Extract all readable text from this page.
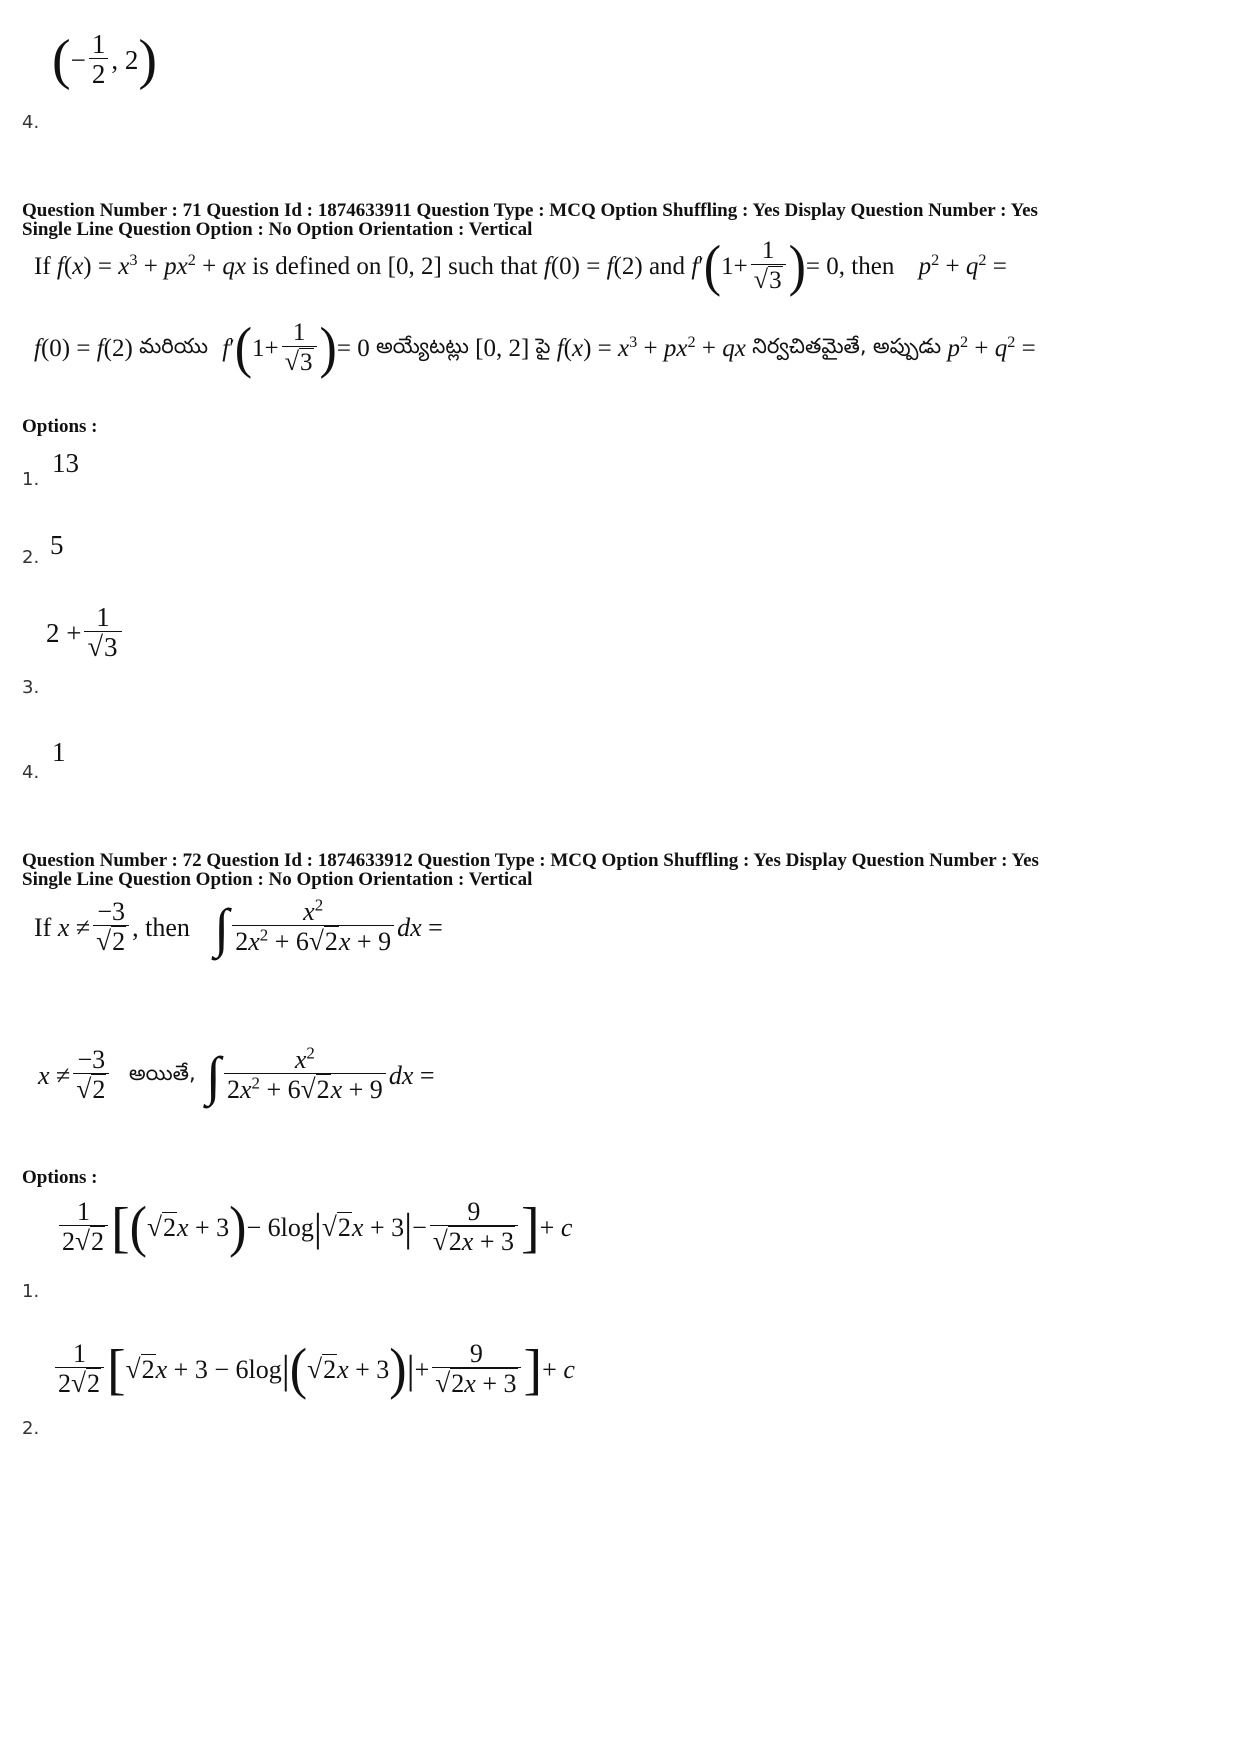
(− $\frac{1}{2}$ , 2)
4.
Question Number : 71 Question Id : 1874633911 Question Type : MCQ Option Shuffling : Yes Display Question Number : Yes
Single Line Question Option : No Option Orientation : Vertical
If $f(x) = x^3 + px^2$ + qx is defined on [0, 2] such that f(0) = f(2) and $f'(1+ \frac{1}{√3}$ )= 0, then $p^2 + q^2$ =
f(0) = f(2) మరియు $f'(1+ \frac{1}{√3}$ )= 0 అయ్యేటట్లు [0, 2] పై $f(x) = x^3 + px^2$ + qx నిర్వచితమైతే, అప్పుడు $p^2 + q^2$ =
Options :
13
1.
5
2.
$2 + \frac{1}{√3}$
3.
1
4.
Question Number : 72 Question Id : 1874633912 Question Type : MCQ Option Shuffling : Yes Display Question Number : Yes
Single Line Question Option : No Option Orientation : Vertical
If $x \ne \frac{-3}{√2}$ , then ∫ $\frac{x^2}{2x^2 + 6√2x + 9}$ dx =
$x \ne \frac{-3}{√2}$ అయితే, ∫ $\frac{x^2}{2x^2 + 6√2x + 9}$ dx =
Options :
$\frac{1}{2√2} [(√2x + 3)- 6\log|√2x + 3|- \frac{9}{√2x + 3}$ ]+ c
1.
$\frac{1}{2√2} [√2x + 3 - 6\log|(√2x + 3)|+ \frac{9}{√2x + 3}$ ]+ c
2.
